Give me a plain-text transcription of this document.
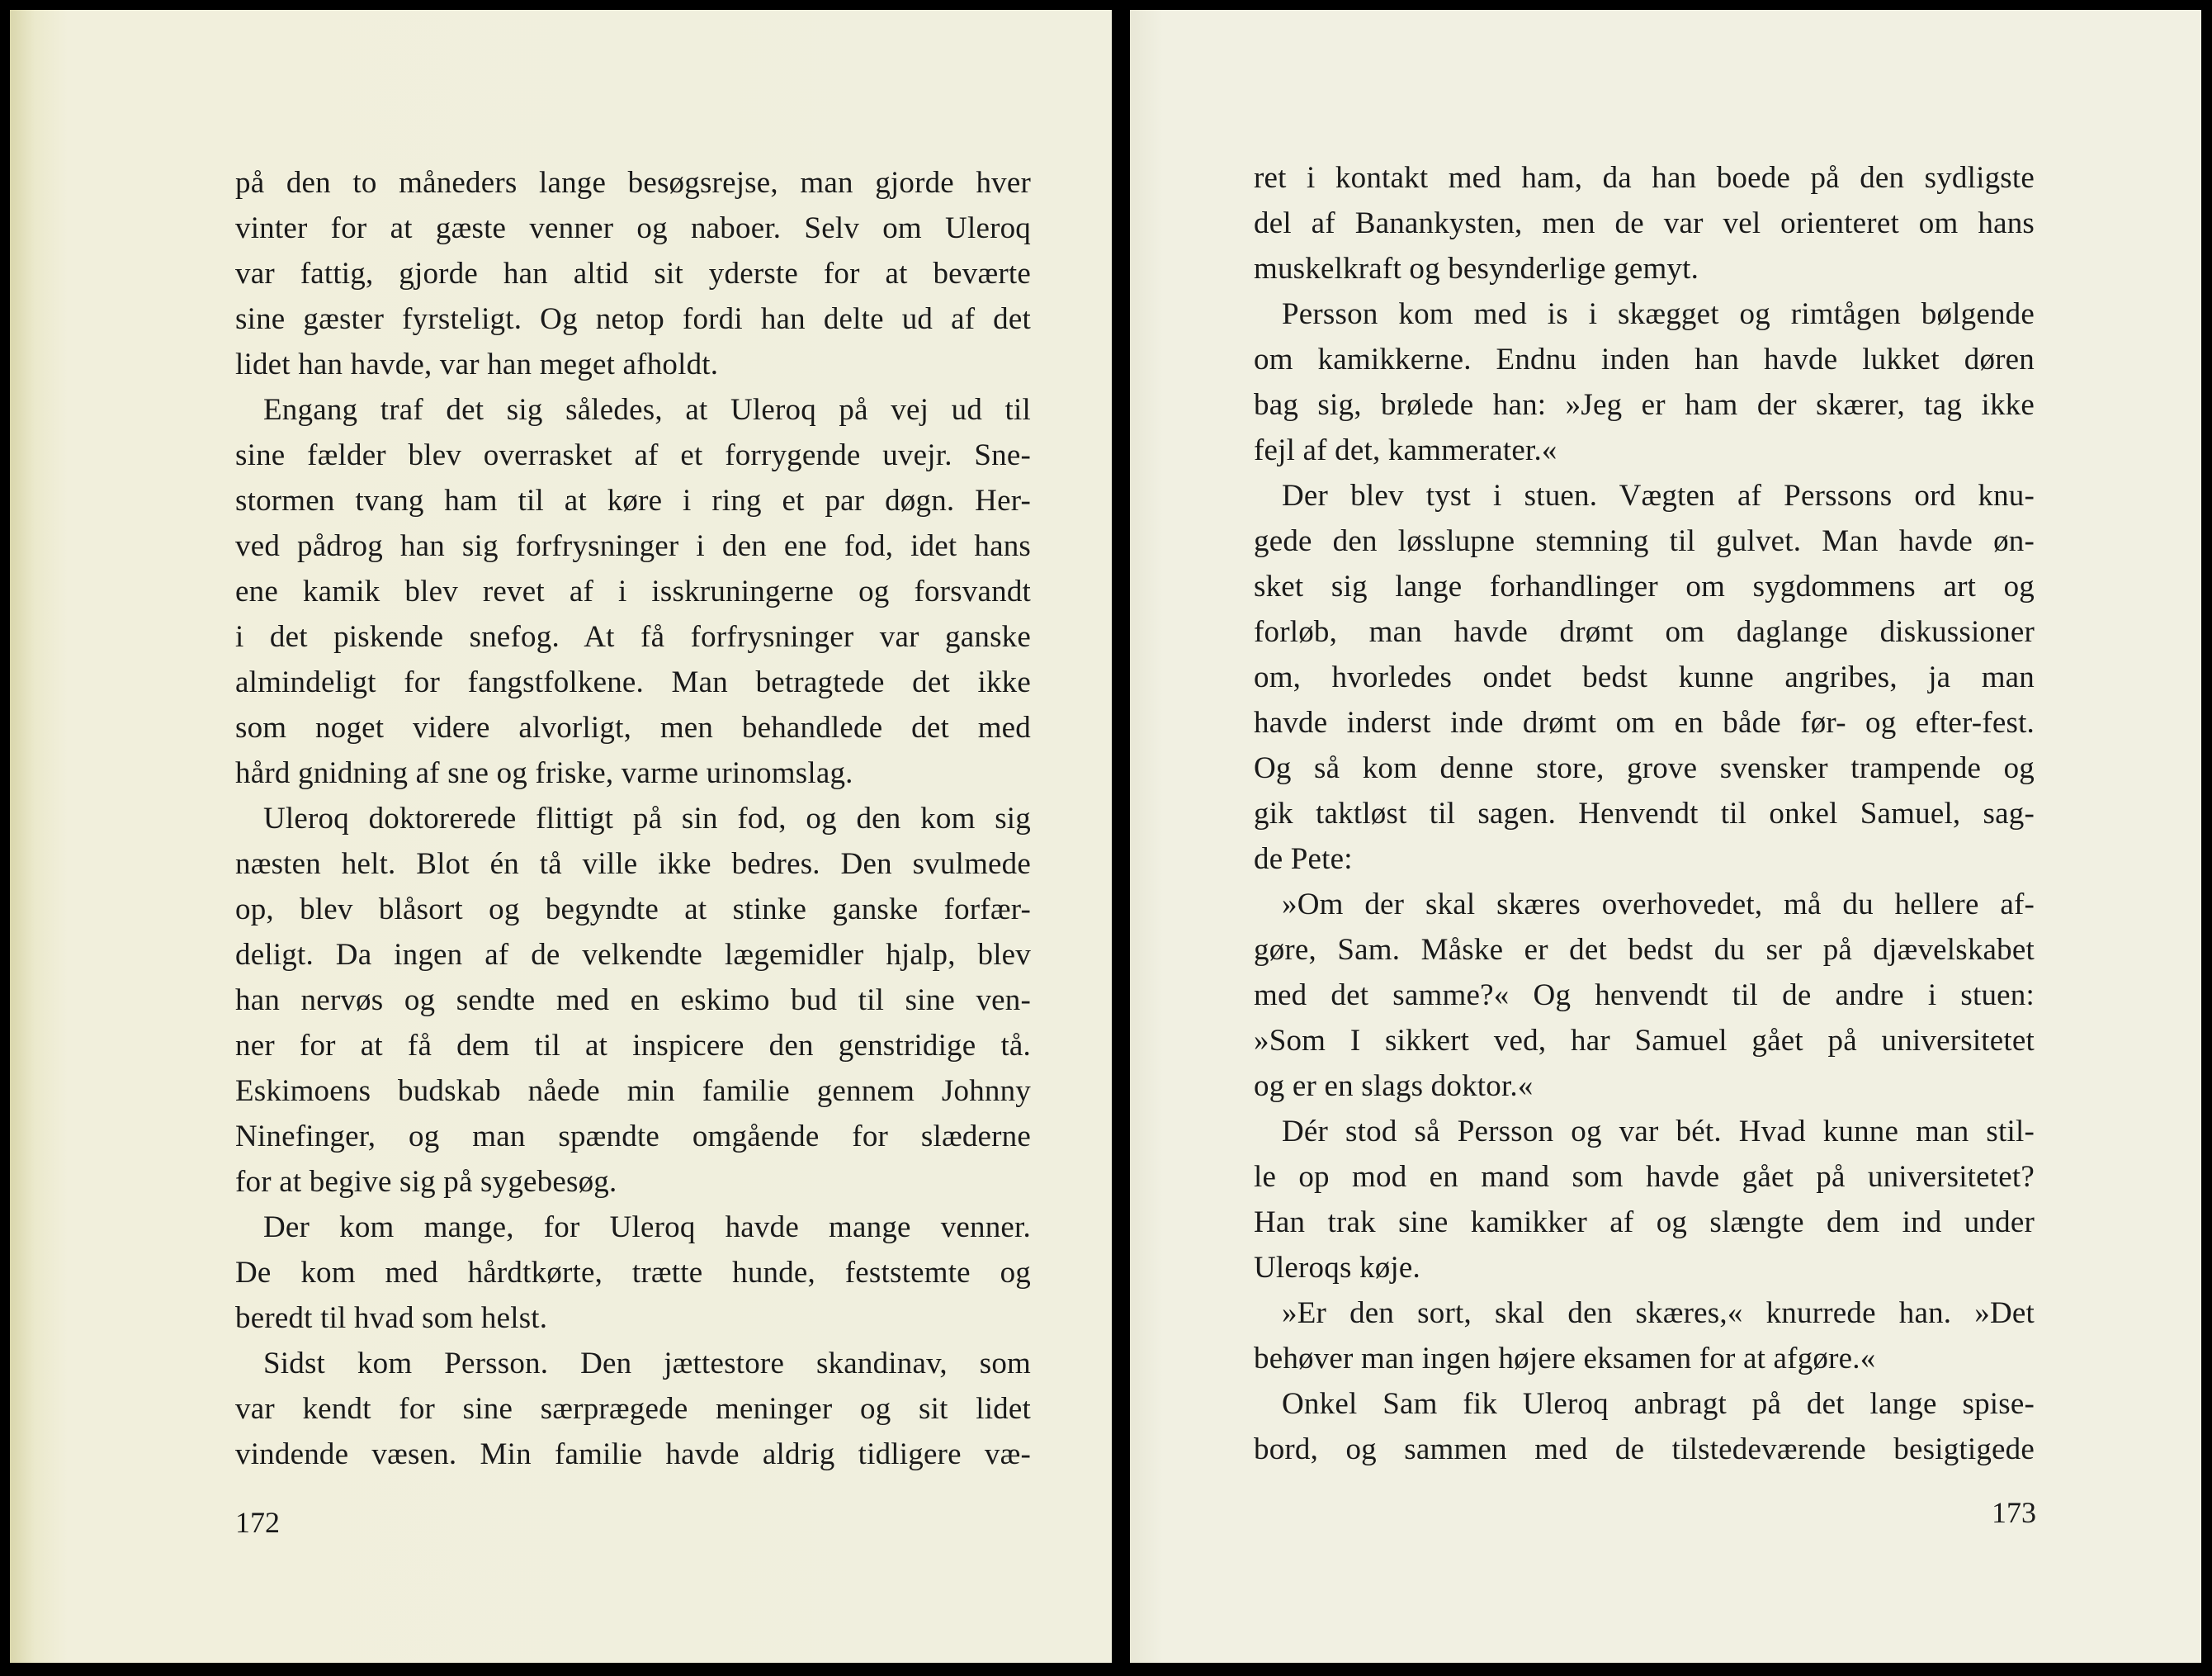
på den to måneders lange besøgsrejse, man gjorde hver
vinter for at gæste venner og naboer. Selv om Uleroq
var fattig, gjorde han altid sit yderste for at beværte
sine gæster fyrsteligt. Og netop fordi han delte ud af det
lidet han havde, var han meget afholdt.
Engang traf det sig således, at Uleroq på vej ud til
sine fælder blev overrasket af et forrygende uvejr. Sne-
stormen tvang ham til at køre i ring et par døgn. Her-
ved pådrog han sig forfrysninger i den ene fod, idet hans
ene kamik blev revet af i isskruningerne og forsvandt
i det piskende snefog. At få forfrysninger var ganske
almindeligt for fangstfolkene. Man betragtede det ikke
som noget videre alvorligt, men behandlede det med
hård gnidning af sne og friske, varme urinomslag.
Uleroq doktorerede flittigt på sin fod, og den kom sig
næsten helt. Blot én tå ville ikke bedres. Den svulmede
op, blev blåsort og begyndte at stinke ganske forfær-
deligt. Da ingen af de velkendte lægemidler hjalp, blev
han nervøs og sendte med en eskimo bud til sine ven-
ner for at få dem til at inspicere den genstridige tå.
Eskimoens budskab nåede min familie gennem Johnny
Ninefinger, og man spændte omgående for slæderne
for at begive sig på sygebesøg.
Der kom mange, for Uleroq havde mange venner.
De kom med hårdtkørte, trætte hunde, feststemte og
beredt til hvad som helst.
Sidst kom Persson. Den jættestore skandinav, som
var kendt for sine særprægede meninger og sit lidet
vindende væsen. Min familie havde aldrig tidligere væ-
172
ret i kontakt med ham, da han boede på den sydligste
del af Banankysten, men de var vel orienteret om hans
muskelkraft og besynderlige gemyt.
Persson kom med is i skægget og rimtågen bølgende
om kamikkerne. Endnu inden han havde lukket døren
bag sig, brølede han: »Jeg er ham der skærer, tag ikke
fejl af det, kammerater.«
Der blev tyst i stuen. Vægten af Perssons ord knu-
gede den løsslupne stemning til gulvet. Man havde øn-
sket sig lange forhandlinger om sygdommens art og
forløb, man havde drømt om daglange diskussioner
om, hvorledes ondet bedst kunne angribes, ja man
havde inderst inde drømt om en både før- og efter-fest.
Og så kom denne store, grove svensker trampende og
gik taktløst til sagen. Henvendt til onkel Samuel, sag-
de Pete:
»Om der skal skæres overhovedet, må du hellere af-
gøre, Sam. Måske er det bedst du ser på djævelskabet
med det samme?« Og henvendt til de andre i stuen:
»Som I sikkert ved, har Samuel gået på universitetet
og er en slags doktor.«
Dér stod så Persson og var bét. Hvad kunne man stil-
le op mod en mand som havde gået på universitetet?
Han trak sine kamikker af og slængte dem ind under
Uleroqs køje.
»Er den sort, skal den skæres,« knurrede han. »Det
behøver man ingen højere eksamen for at afgøre.«
Onkel Sam fik Uleroq anbragt på det lange spise-
bord, og sammen med de tilstedeværende besigtigede
173
